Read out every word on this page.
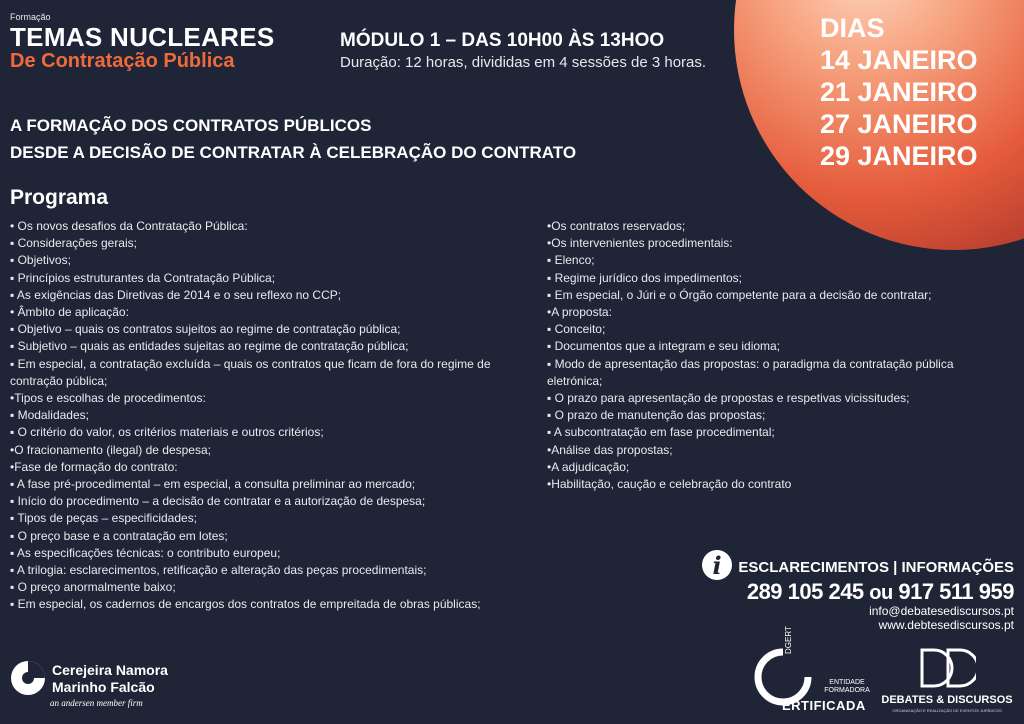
Formação
TEMAS NUCLEARES
De Contratação Pública
MÓDULO 1 – DAS 10H00 ÀS 13HOO
Duração: 12 horas, divididas em 4 sessões de 3 horas.
DIAS
14 JANEIRO
21 JANEIRO
27 JANEIRO
29 JANEIRO
A FORMAÇÃO DOS CONTRATOS PÚBLICOS
DESDE A DECISÃO DE CONTRATAR À CELEBRAÇÃO DO CONTRATO
Programa
• Os novos desafios da Contratação Pública:
▪ Considerações gerais;
▪ Objetivos;
▪ Princípios estruturantes da Contratação Pública;
▪ As exigências das Diretivas de 2014 e o seu reflexo no CCP;
• Âmbito de aplicação:
▪ Objetivo – quais os contratos sujeitos ao regime de contratação pública;
▪ Subjetivo – quais as entidades sujeitas ao regime de contratação pública;
▪ Em especial, a contratação excluída – quais os contratos que ficam de fora do regime de contração pública;
•Tipos e escolhas de procedimentos:
▪ Modalidades;
▪ O critério do valor, os critérios materiais e outros critérios;
•O fracionamento (ilegal) de despesa;
•Fase de formação do contrato:
▪ A fase pré-procedimental – em especial, a consulta preliminar ao mercado;
▪ Início do procedimento – a decisão de contratar e a autorização de despesa;
▪ Tipos de peças – especificidades;
▪ O preço base e a contratação em lotes;
▪ As especificações técnicas: o contributo europeu;
▪ A trilogia: esclarecimentos, retificação e alteração das peças procedimentais;
▪ O preço anormalmente baixo;
▪ Em especial, os cadernos de encargos dos contratos de empreitada de obras públicas;
•Os contratos reservados;
•Os intervenientes procedimentais:
▪ Elenco;
▪ Regime jurídico dos impedimentos;
▪ Em especial, o Júri e o Órgão competente para a decisão de contratar;
•A proposta:
▪ Conceito;
▪ Documentos que a integram e seu idioma;
▪ Modo de apresentação das propostas: o paradigma da contratação pública eletrónica;
▪ O prazo para apresentação de propostas e respetivas vicissitudes;
▪ O prazo de manutenção das propostas;
▪ A subcontratação em fase procedimental;
•Análise das propostas;
•A adjudicação;
•Habilitação, caução e celebração do contrato
i	ESCLARECIMENTOS | INFORMAÇÕES
289 105 245 ou 917 511 959
info@debatesediscursos.pt
www.debtesediscursos.pt
Cerejeira Namora
Marinho Falcão
an andersen member firm
DGERT
ENTIDADE
FORMADORA
ERTIFICADA DEBATES & DISCURSOS
ORGANIZAÇÃO E REALIZAÇÃO DE EVENTOS JURÍDICOS
